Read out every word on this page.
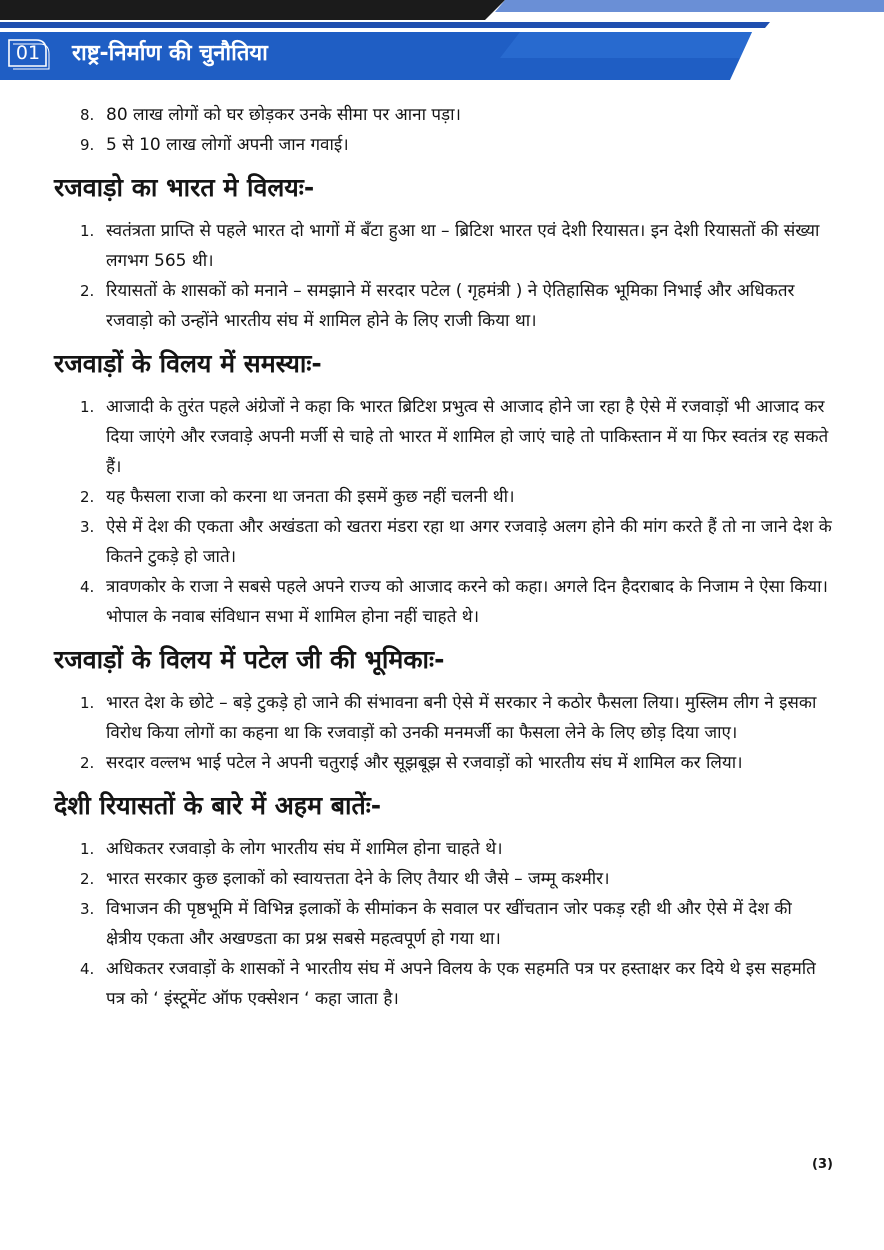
01 राष्ट्र-निर्माण की चुनौतिया
8. 80 लाख लोगों को घर छोड़कर उनके सीमा पर आना पड़ा।
9. 5 से 10 लाख लोगों अपनी जान गवाई।
रजवाड़ो का भारत मे विलयः-
1. स्वतंत्रता प्राप्ति से पहले भारत दो भागों में बँटा हुआ था – ब्रिटिश भारत एवं देशी रियासत। इन देशी रियासतों की संख्या लगभग 565 थी।
2. रियासतों के शासकों को मनाने – समझाने में सरदार पटेल ( गृहमंत्री ) ने ऐतिहासिक भूमिका निभाई और अधिकतर रजवाड़ो को उन्होंने भारतीय संघ में शामिल होने के लिए राजी किया था।
रजवाड़ों के विलय में समस्याः-
1. आजादी के तुरंत पहले अंग्रेजों ने कहा कि भारत ब्रिटिश प्रभुत्व से आजाद होने जा रहा है ऐसे में रजवाड़ों भी आजाद कर दिया जाएंगे और रजवाड़े अपनी मर्जी से चाहे तो भारत में शामिल हो जाएं चाहे तो पाकिस्तान में या फिर स्वतंत्र रह सकते हैं।
2. यह फैसला राजा को करना था जनता की इसमें कुछ नहीं चलनी थी।
3. ऐसे में देश की एकता और अखंडता को खतरा मंडरा रहा था अगर रजवाड़े अलग होने की मांग करते हैं तो ना जाने देश के कितने टुकड़े हो जाते।
4. त्रावणकोर के राजा ने सबसे पहले अपने राज्य को आजाद करने को कहा। अगले दिन हैदराबाद के निजाम ने ऐसा किया। भोपाल के नवाब संविधान सभा में शामिल होना नहीं चाहते थे।
रजवाड़ों के विलय में पटेल जी की भूमिकाः-
1. भारत देश के छोटे – बड़े टुकड़े हो जाने की संभावना बनी ऐसे में सरकार ने कठोर फैसला लिया। मुस्लिम लीग ने इसका विरोध किया लोगों का कहना था कि रजवाड़ों को उनकी मनमर्जी का फैसला लेने के लिए छोड़ दिया जाए।
2. सरदार वल्लभ भाई पटेल ने अपनी चतुराई और सूझबूझ से रजवाड़ों को भारतीय संघ में शामिल कर लिया।
देशी रियासतों के बारे में अहम बातेंः-
1. अधिकतर रजवाड़ो के लोग भारतीय संघ में शामिल होना चाहते थे।
2. भारत सरकार कुछ इलाकों को स्वायत्तता देने के लिए तैयार थी जैसे – जम्मू कश्मीर।
3. विभाजन की पृष्ठभूमि में विभिन्न इलाकों के सीमांकन के सवाल पर खींचतान जोर पकड़ रही थी और ऐसे में देश की क्षेत्रीय एकता और अखण्डता का प्रश्न सबसे महत्वपूर्ण हो गया था।
4. अधिकतर रजवाड़ों के शासकों ने भारतीय संघ में अपने विलय के एक सहमति पत्र पर हस्ताक्षर कर दिये थे इस सहमति पत्र को ‘ इंस्टूमेंट ऑफ एक्सेशन ‘ कहा जाता है।
(3)
